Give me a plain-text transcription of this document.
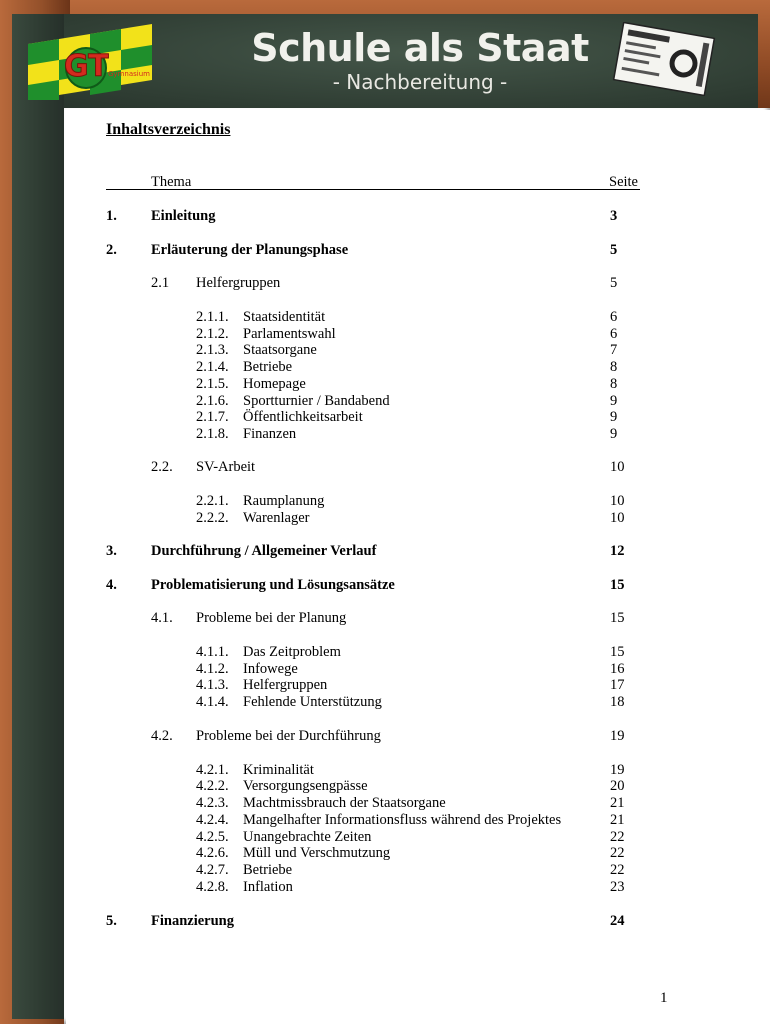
GT Gymnasium
Schule als Staat
- Nachbereitung -
Inhaltsverzeichnis
Thema	Seite
1. Einleitung	3
2. Erläuterung der Planungsphase	5
2.1 Helfergruppen	5
2.1.1. Staatsidentität	6
2.1.2. Parlamentswahl	6
2.1.3. Staatsorgane	7
2.1.4. Betriebe	8
2.1.5. Homepage	8
2.1.6. Sportturnier / Bandabend	9
2.1.7. Öffentlichkeitsarbeit	9
2.1.8. Finanzen	9
2.2. SV-Arbeit	10
2.2.1. Raumplanung	10
2.2.2. Warenlager	10
3. Durchführung / Allgemeiner Verlauf	12
4. Problematisierung und Lösungsansätze	15
4.1. Probleme bei der Planung	15
4.1.1. Das Zeitproblem	15
4.1.2. Infowege	16
4.1.3. Helfergruppen	17
4.1.4. Fehlende Unterstützung	18
4.2. Probleme bei der Durchführung	19
4.2.1. Kriminalität	19
4.2.2. Versorgungsengpässe	20
4.2.3. Machtmissbrauch der Staatsorgane	21
4.2.4. Mangelhafter Informationsfluss während des Projektes	21
4.2.5. Unangebrachte Zeiten	22
4.2.6. Müll und Verschmutzung	22
4.2.7. Betriebe	22
4.2.8. Inflation	23
5. Finanzierung	24
1
